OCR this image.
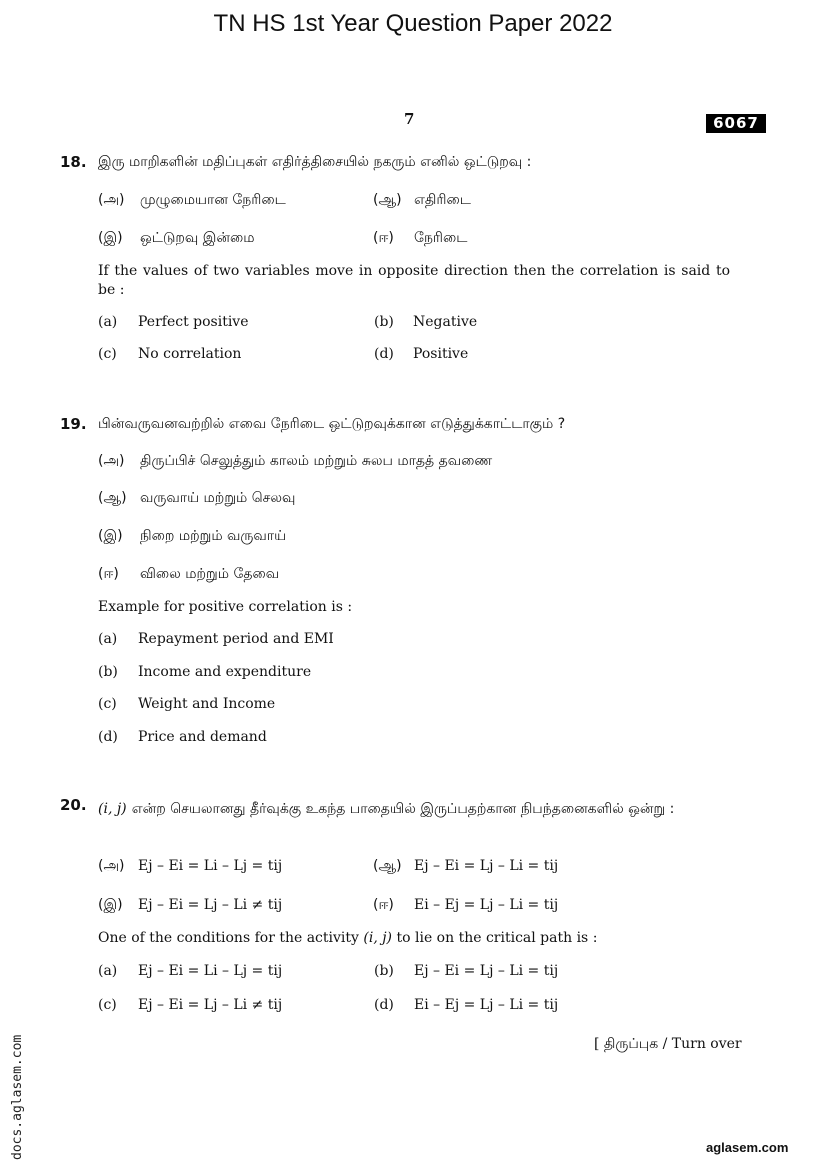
TN HS 1st Year Question Paper 2022
7	6067
18. இரு மாறிகளின் மதிப்புகள் எதிர்த்திசையில் நகரும் எனில் ஒட்டுறவு :
(அ) முழுமையான நேரிடை	(ஆ) எதிரிடை
(இ) ஒட்டுறவு இன்மை	(ஈ) நேரிடை
If the values of two variables move in opposite direction then the correlation is said to be :
(a) Perfect positive	(b) Negative
(c) No correlation	(d) Positive
19. பின்வருவனவற்றில் எவை நேரிடை ஒட்டுறவுக்கான எடுத்துக்காட்டாகும் ?
(அ) திருப்பிச் செலுத்தும் காலம் மற்றும் சுலப மாதத் தவணை
(ஆ) வருவாய் மற்றும் செலவு
(இ) நிறை மற்றும் வருவாய்
(ஈ) விலை மற்றும் தேவை
Example for positive correlation is :
(a) Repayment period and EMI
(b) Income and expenditure
(c) Weight and Income
(d) Price and demand
20. (i, j) என்ற செயலானது தீர்வுக்கு உகந்த பாதையில் இருப்பதற்கான நிபந்தனைகளில் ஒன்று :
(அ) Ej – Ei = Li – Lj = tij	(ஆ) Ej – Ei = Lj – Li = tij
(இ) Ej – Ei = Lj – Li ≠ tij	(ஈ) Ei – Ej = Lj – Li = tij
One of the conditions for the activity (i, j) to lie on the critical path is :
(a) Ej – Ei = Li – Lj = tij	(b) Ej – Ei = Lj – Li = tij
(c) Ej – Ei = Lj – Li ≠ tij	(d) Ei – Ej = Lj – Li = tij
[ திருப்புக / Turn over
docs.aglasem.com	aglasem.com
